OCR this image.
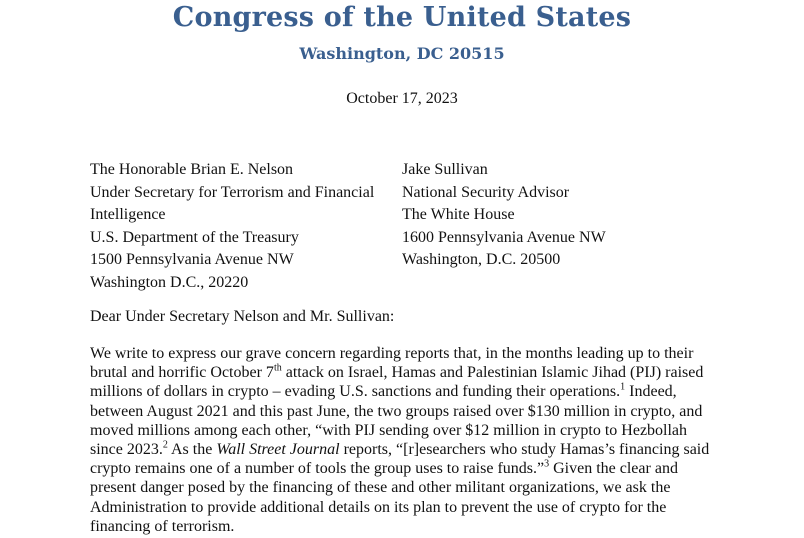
Congress of the United States
Washington, DC 20515
October 17, 2023
The Honorable Brian E. Nelson
Under Secretary for Terrorism and Financial
Intelligence
U.S. Department of the Treasury
1500 Pennsylvania Avenue NW
Washington D.C., 20220
Jake Sullivan
National Security Advisor
The White House
1600 Pennsylvania Avenue NW
Washington, D.C. 20500
Dear Under Secretary Nelson and Mr. Sullivan:
We write to express our grave concern regarding reports that, in the months leading up to their
brutal and horrific October 7th attack on Israel, Hamas and Palestinian Islamic Jihad (PIJ) raised
millions of dollars in crypto – evading U.S. sanctions and funding their operations.$^1$ Indeed,
between August 2021 and this past June, the two groups raised over $130 million in crypto, and
moved millions among each other, “with PIJ sending over $12 million in crypto to Hezbollah
since 2023.$^2$ As the Wall Street Journal reports, “[r]esearchers who study Hamas’s financing said
crypto remains one of a number of tools the group uses to raise funds.”$^3$ Given the clear and
present danger posed by the financing of these and other militant organizations, we ask the
Administration to provide additional details on its plan to prevent the use of crypto for the
financing of terrorism.
